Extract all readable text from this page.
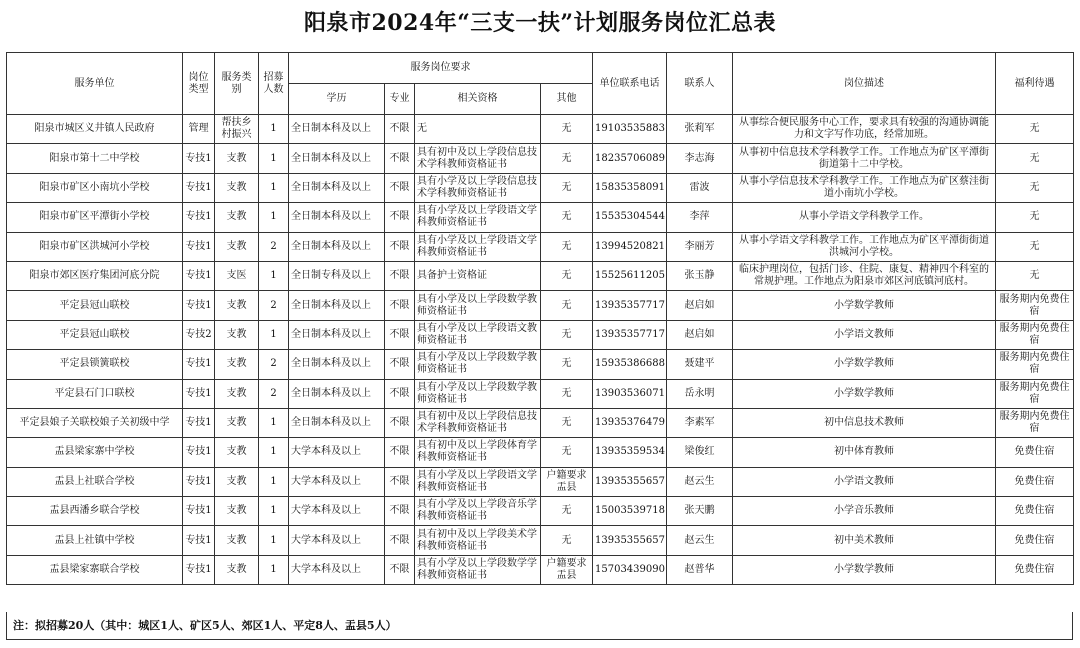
阳泉市2024年“三支一扶”计划服务岗位汇总表
服务单位	岗位类型	服务类别	招募人数	服务岗位要求				单位联系电话	联系人	岗位描述	福利待遇
				学历	专业	相关资格	其他				
阳泉市城区义井镇人民政府	管理	帮扶乡村振兴	1	全日制本科及以上	不限	无	无	19103535883	张莉军	从事综合便民服务中心工作，要求具有较强的沟通协调能力和文字写作功底，经常加班。	无
阳泉市第十二中学校	专技1	支教	1	全日制本科及以上	不限	具有初中及以上学段信息技术学科教师资格证书	无	18235706089	李志海	从事初中信息技术学科教学工作。工作地点为矿区平潭街街道第十二中学校。	无
阳泉市矿区小南坑小学校	专技1	支教	1	全日制本科及以上	不限	具有小学及以上学段信息技术学科教师资格证书	无	15835358091	雷波	从事小学信息技术学科教学工作。工作地点为矿区蔡洼街道小南坑小学校。	无
阳泉市矿区平潭街小学校	专技1	支教	1	全日制本科及以上	不限	具有小学及以上学段语文学科教师资格证书	无	15535304544	李萍	从事小学语文学科教学工作。	无
阳泉市矿区洪城河小学校	专技1	支教	2	全日制本科及以上	不限	具有小学及以上学段语文学科教师资格证书	无	13994520821	李丽芳	从事小学语文学科教学工作。工作地点为矿区平潭街街道洪城河小学校。	无
阳泉市郊区医疗集团河底分院	专技1	支医	1	全日制专科及以上	不限	具备护士资格证	无	15525611205	张玉静	临床护理岗位，包括门诊、住院、康复、精神四个科室的常规护理。工作地点为阳泉市郊区河底镇河底村。	无
平定县冠山联校	专技1	支教	2	全日制本科及以上	不限	具有小学及以上学段数学教师资格证书	无	13935357717	赵启如	小学数学教师	服务期内免费住宿
平定县冠山联校	专技2	支教	1	全日制本科及以上	不限	具有小学及以上学段语文教师资格证书	无	13935357717	赵启如	小学语文教师	服务期内免费住宿
平定县锁簧联校	专技1	支教	2	全日制本科及以上	不限	具有小学及以上学段数学教师资格证书	无	15935386688	聂建平	小学数学教师	服务期内免费住宿
平定县石门口联校	专技1	支教	2	全日制本科及以上	不限	具有小学及以上学段数学教师资格证书	无	13903536071	岳永明	小学数学教师	服务期内免费住宿
平定县娘子关联校娘子关初级中学	专技1	支教	1	全日制本科及以上	不限	具有初中及以上学段信息技术学科教师资格证书	无	13935376479	李素军	初中信息技术教师	服务期内免费住宿
盂县梁家寨中学校	专技1	支教	1	大学本科及以上	不限	具有初中及以上学段体育学科教师资格证书	无	13935359534	梁俊红	初中体育教师	免费住宿
盂县上社联合学校	专技1	支教	1	大学本科及以上	不限	具有小学及以上学段语文学科教师资格证书	户籍要求盂县	13935355657	赵云生	小学语文教师	免费住宿
盂县西潘乡联合学校	专技1	支教	1	大学本科及以上	不限	具有小学及以上学段音乐学科教师资格证书	无	15003539718	张天鹏	小学音乐教师	免费住宿
盂县上社镇中学校	专技1	支教	1	大学本科及以上	不限	具有初中及以上学段美术学科教师资格证书	无	13935355657	赵云生	初中美术教师	免费住宿
盂县梁家寨联合学校	专技1	支教	1	大学本科及以上	不限	具有小学及以上学段数学学科教师资格证书	户籍要求盂县	15703439090	赵普华	小学数学教师	免费住宿
注：拟招募20人（其中：城区1人、矿区5人、郊区1人、平定8人、盂县5人）
